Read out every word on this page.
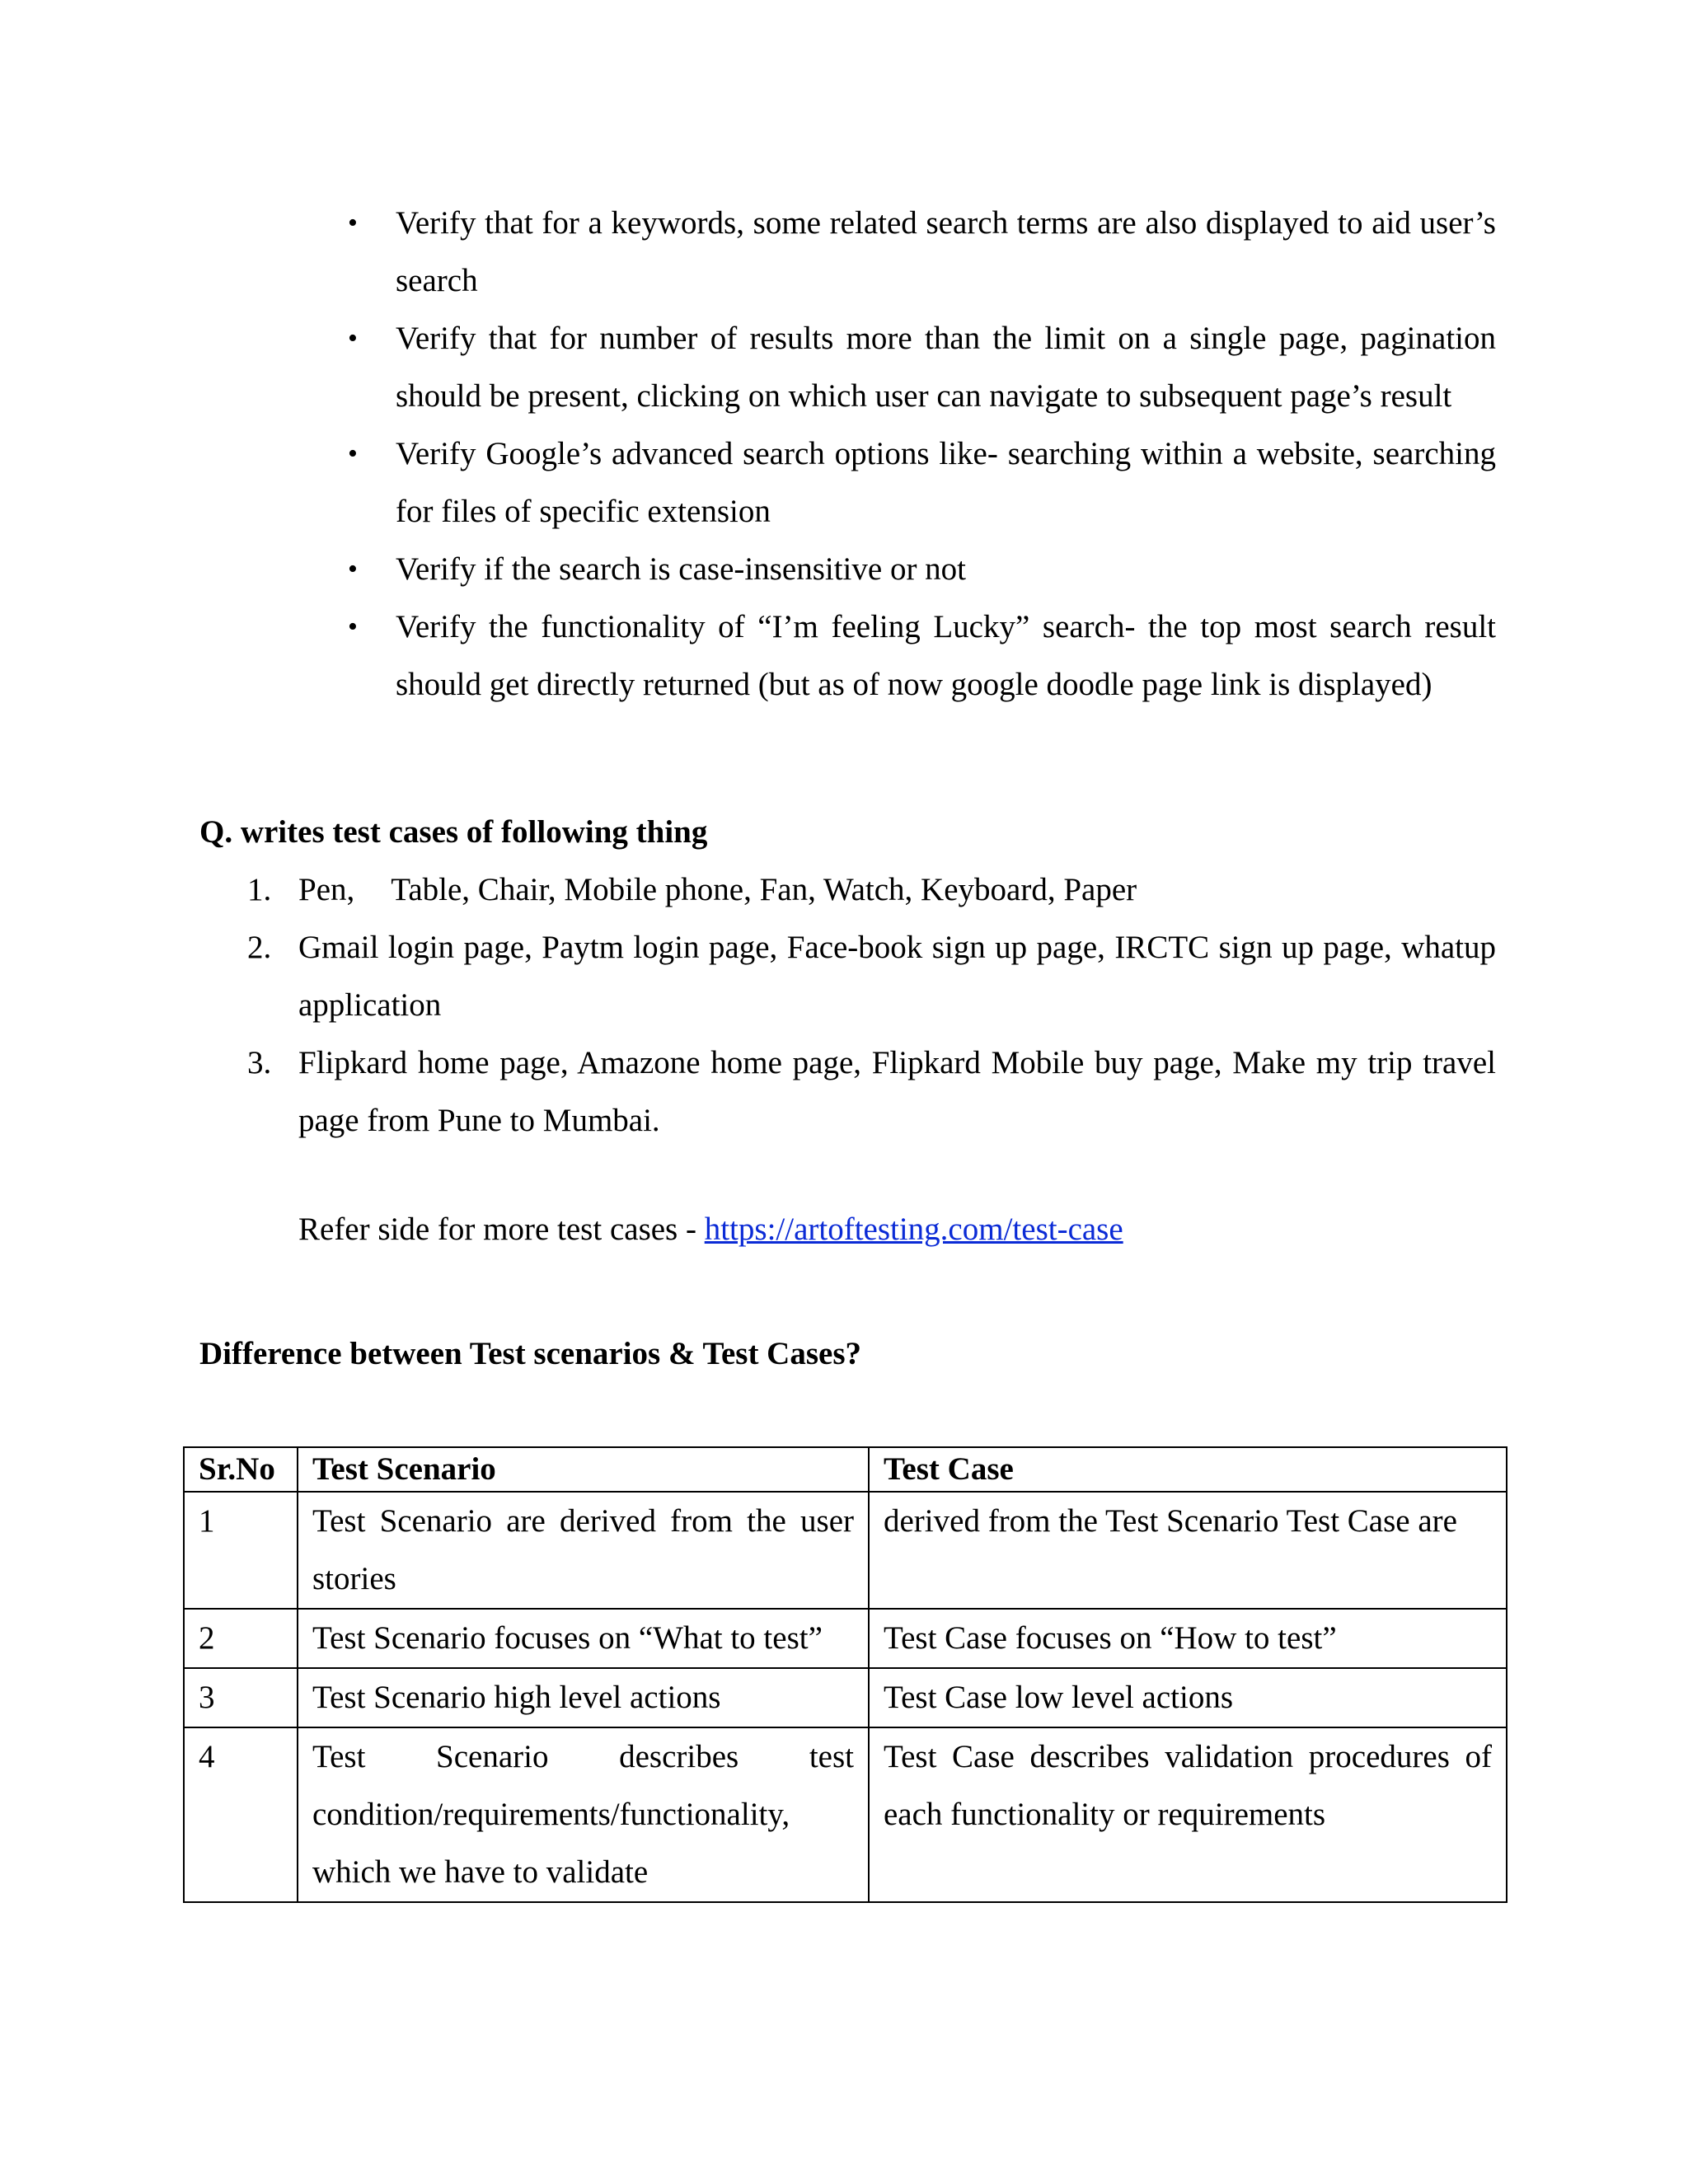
• Verify that for a keywords, some related search terms are also displayed to aid user’s search
• Verify that for number of results more than the limit on a single page, pagination should be present, clicking on which user can navigate to subsequent page’s result
• Verify Google’s advanced search options like- searching within a website, searching for files of specific extension
• Verify if the search is case-insensitive or not
• Verify the functionality of “I’m feeling Lucky” search- the top most search result should get directly returned (but as of now google doodle page link is displayed)

Q. writes test cases of following thing

1. Pen, Table, Chair, Mobile phone, Fan, Watch, Keyboard, Paper
2. Gmail login page, Paytm login page, Face-book sign up page, IRCTC sign up page, whatup application
3. Flipkard home page, Amazone home page, Flipkard Mobile buy page, Make my trip travel page from Pune to Mumbai.

Refer side for more test cases - https://artoftesting.com/test-case

Difference between Test scenarios & Test Cases?

Sr.No	Test Scenario	Test Case
1	Test Scenario are derived from the user stories	derived from the Test Scenario Test Case are
2	Test Scenario focuses on “What to test”	Test Case focuses on “How to test”
3	Test Scenario high level actions	Test Case low level actions
4	Test Scenario describes test condition/requirements/functionality, which we have to validate	Test Case describes validation procedures of each functionality or requirements
